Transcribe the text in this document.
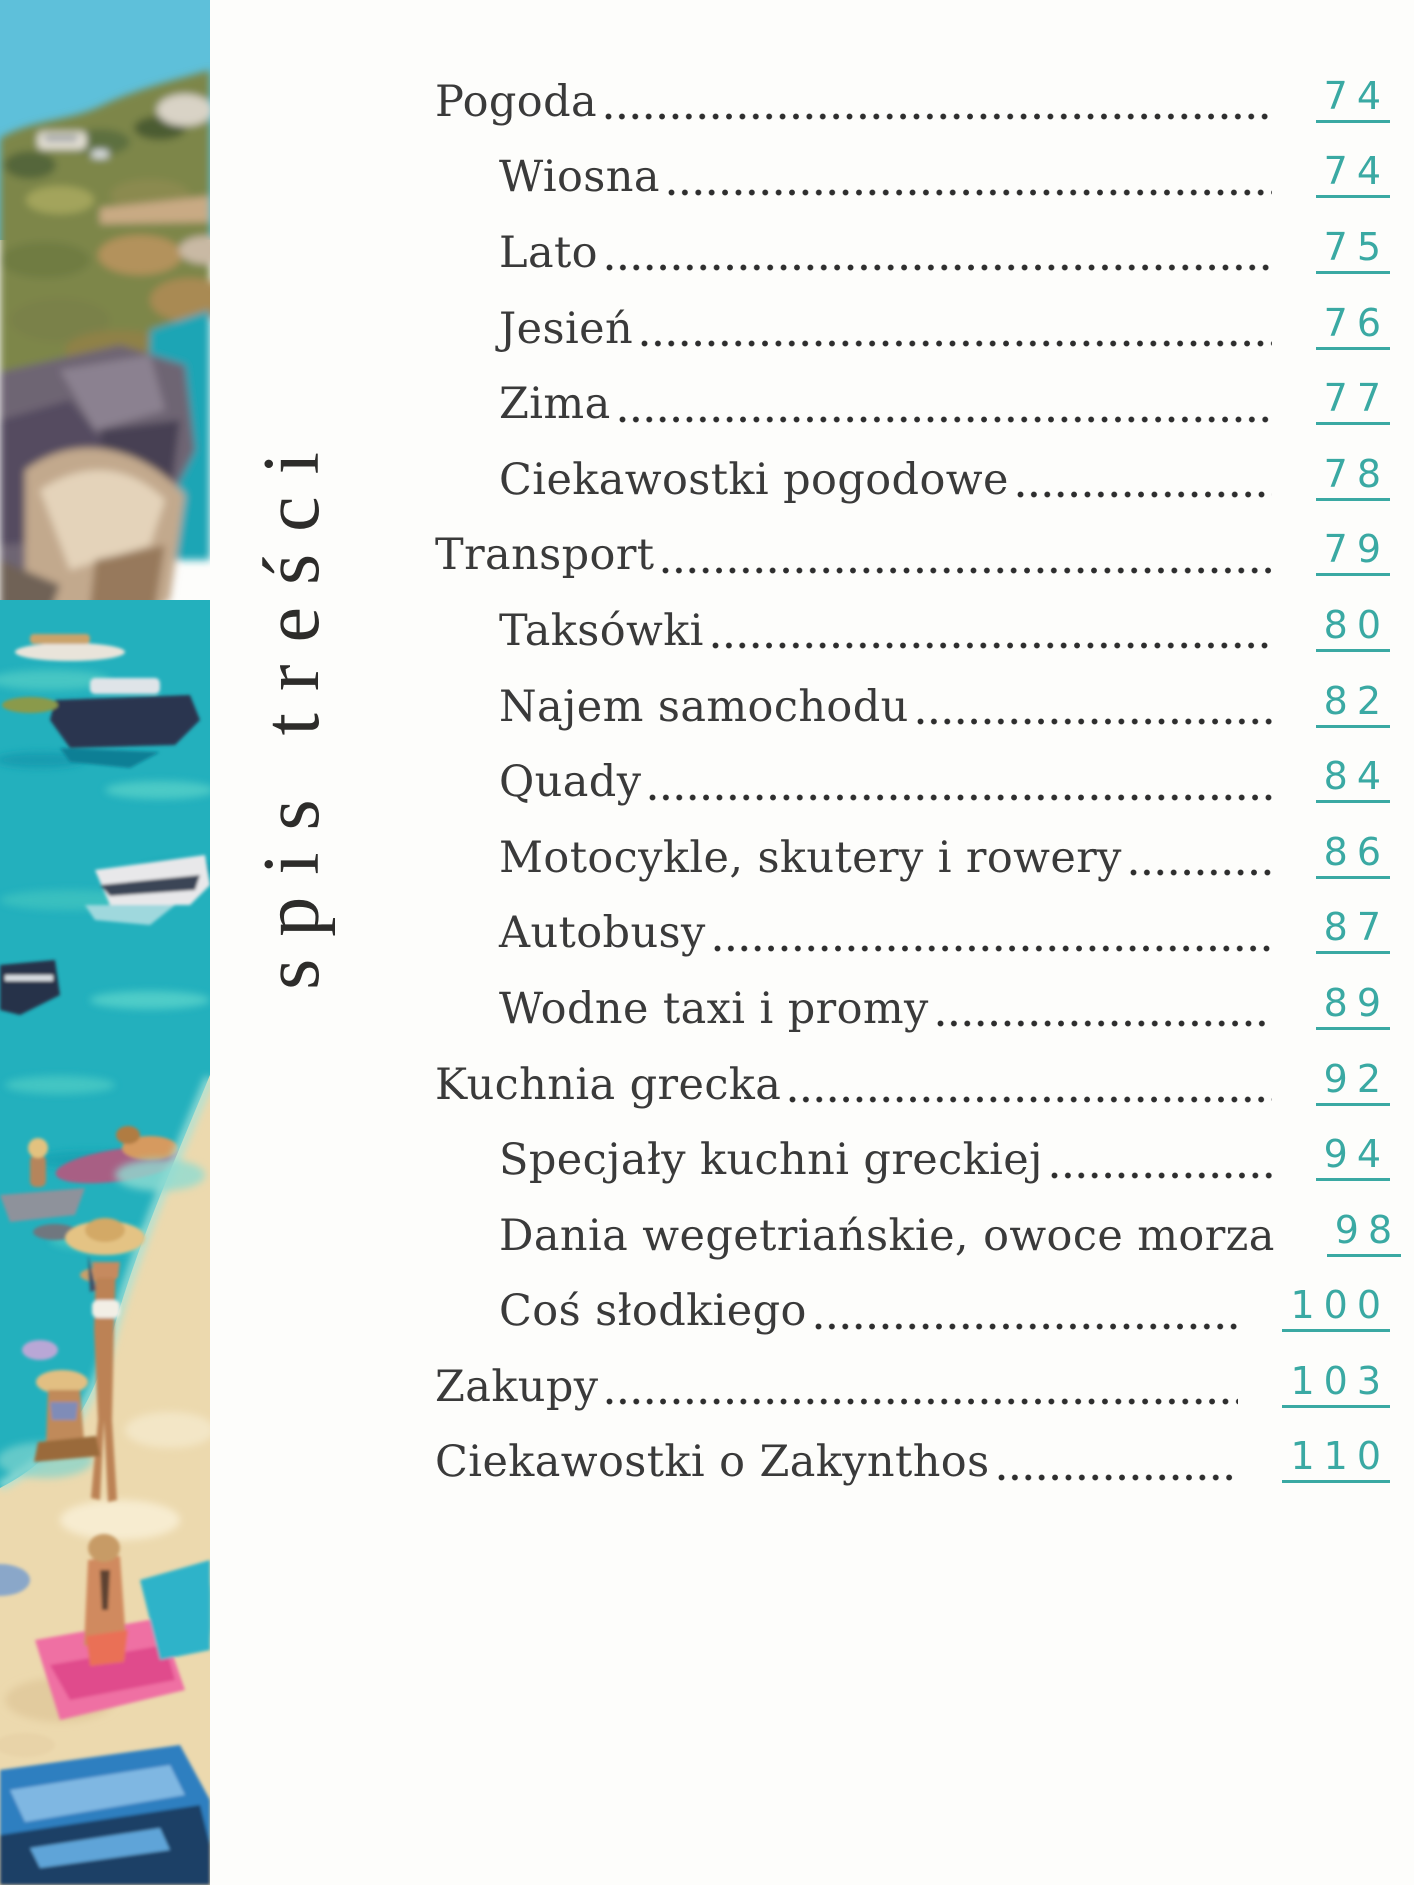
spis treści
Pogoda	74
Wiosna	74
Lato	75
Jesień	76
Zima	77
Ciekawostki pogodowe	78
Transport	79
Taksówki	80
Najem samochodu	82
Quady	84
Motocykle, skutery i rowery	86
Autobusy	87
Wodne taxi i promy	89
Kuchnia grecka	92
Specjały kuchni greckiej	94
Dania wegetriańskie, owoce morza 98
Coś słodkiego	100
Zakupy	103
Ciekawostki o Zakynthos	110
